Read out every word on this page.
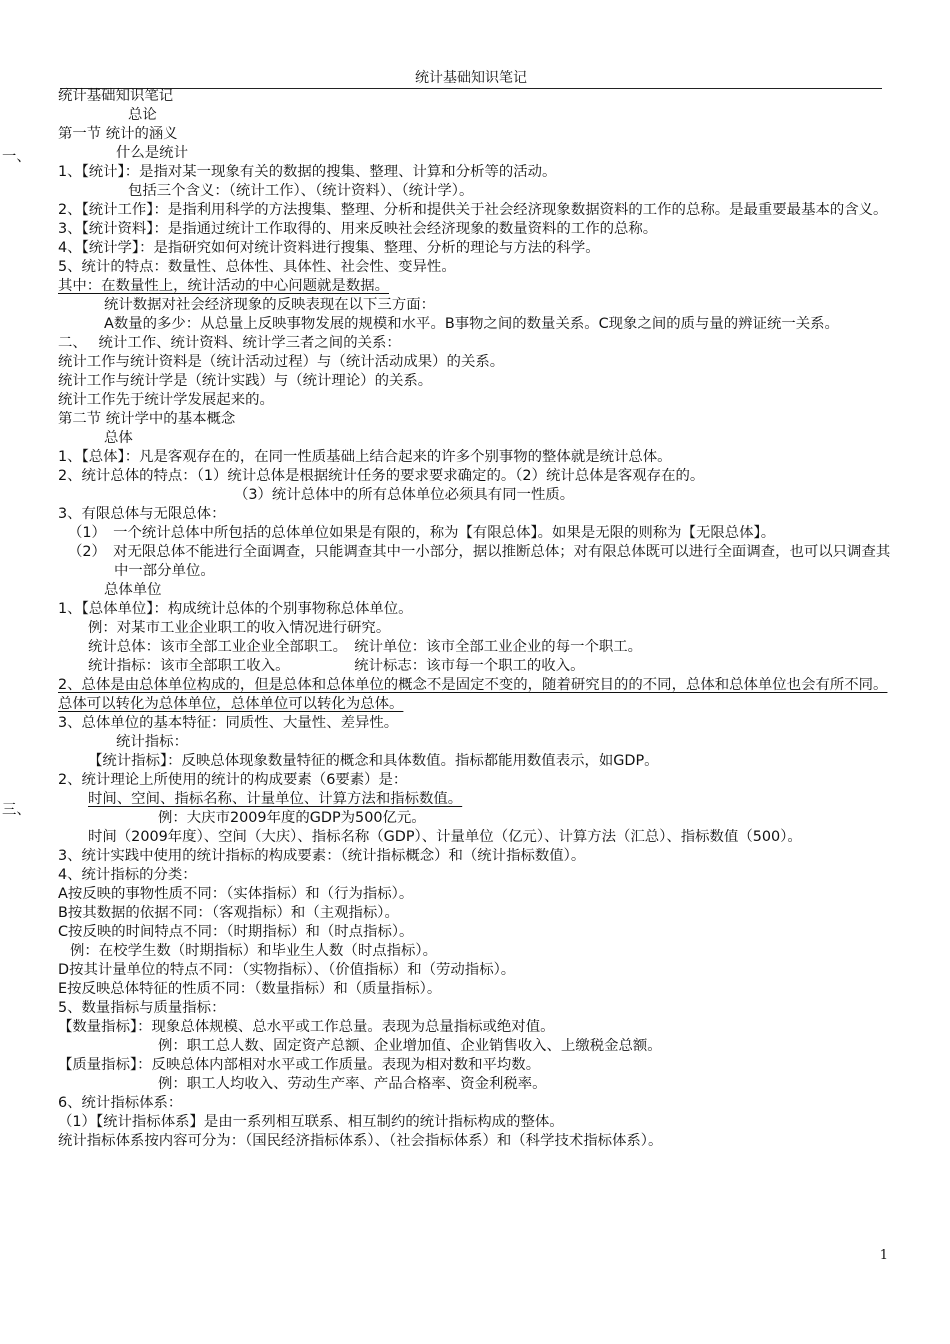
统计基础知识笔记
一、
三、
统计基础知识笔记
总论
第一节 统计的涵义
什么是统计
1、【统计】：是指对某一现象有关的数据的搜集、整理、计算和分析等的活动。
包括三个含义：（统计工作）、（统计资料）、（统计学）。
2、【统计工作】：是指利用科学的方法搜集、整理、分析和提供关于社会经济现象数据资料的工作的总称。是最重要最基本的含义。
3、【统计资料】：是指通过统计工作取得的、用来反映社会经济现象的数量资料的工作的总称。
4、【统计学】：是指研究如何对统计资料进行搜集、整理、分析的理论与方法的科学。
5、统计的特点：数量性、总体性、具体性、社会性、变异性。
其中：在数量性上，统计活动的中心问题就是数据。
统计数据对社会经济现象的反映表现在以下三方面：
A数量的多少：从总量上反映事物发展的规模和水平。B事物之间的数量关系。C现象之间的质与量的辨证统一关系。
二、　 统计工作、统计资料、统计学三者之间的关系：
统计工作与统计资料是（统计活动过程）与（统计活动成果）的关系。
统计工作与统计学是（统计实践）与（统计理论）的关系。
统计工作先于统计学发展起来的。
第二节 统计学中的基本概念
总体
1、【总体】：凡是客观存在的，在同一性质基础上结合起来的许多个别事物的整体就是统计总体。
2、统计总体的特点：（1）统计总体是根据统计任务的要求要求确定的。（2）统计总体是客观存在的。
（3）统计总体中的所有总体单位必须具有同一性质。
3、有限总体与无限总体：
（1）　一个统计总体中所包括的总体单位如果是有限的，称为【有限总体】。如果是无限的则称为【无限总体】。
（2）　对无限总体不能进行全面调查，只能调查其中一小部分，据以推断总体；对有限总体既可以进行全面调查，也可以只调查其中一部分单位。
总体单位
1、【总体单位】：构成统计总体的个别事物称总体单位。
例：对某市工业企业职工的收入情况进行研究。
统计总体：该市全部工业企业全部职工。　统计单位：该市全部工业企业的每一个职工。
统计指标：该市全部职工收入。　　　　　统计标志：该市每一个职工的收入。
2、总体是由总体单位构成的，但是总体和总体单位的概念不是固定不变的，随着研究目的的不同，总体和总体单位也会有所不同。总体可以转化为总体单位，总体单位可以转化为总体。
3、总体单位的基本特征：同质性、大量性、差异性。
统计指标：
【统计指标】：反映总体现象数量特征的概念和具体数值。指标都能用数值表示，如GDP。
2、统计理论上所使用的统计的构成要素（6要素）是：
时间、空间、指标名称、计量单位、计算方法和指标数值。
例：大庆市2009年度的GDP为500亿元。
时间（2009年度）、空间（大庆）、指标名称（GDP）、计量单位（亿元）、计算方法（汇总）、指标数值（500）。
3、统计实践中使用的统计指标的构成要素：（统计指标概念）和（统计指标数值）。
4、统计指标的分类：
A按反映的事物性质不同：（实体指标）和（行为指标）。
B按其数据的依据不同：（客观指标）和（主观指标）。
C按反映的时间特点不同：（时期指标）和（时点指标）。
例：在校学生数（时期指标）和毕业生人数（时点指标）。
D按其计量单位的特点不同：（实物指标）、（价值指标）和（劳动指标）。
E按反映总体特征的性质不同：（数量指标）和（质量指标）。
5、数量指标与质量指标：
【数量指标】：现象总体规模、总水平或工作总量。表现为总量指标或绝对值。
例：职工总人数、固定资产总额、企业增加值、企业销售收入、上缴税金总额。
【质量指标】：反映总体内部相对水平或工作质量。表现为相对数和平均数。
例：职工人均收入、劳动生产率、产品合格率、资金利税率。
6、统计指标体系：
（1）【统计指标体系】是由一系列相互联系、相互制约的统计指标构成的整体。
统计指标体系按内容可分为：（国民经济指标体系）、（社会指标体系）和（科学技术指标体系）。
1
